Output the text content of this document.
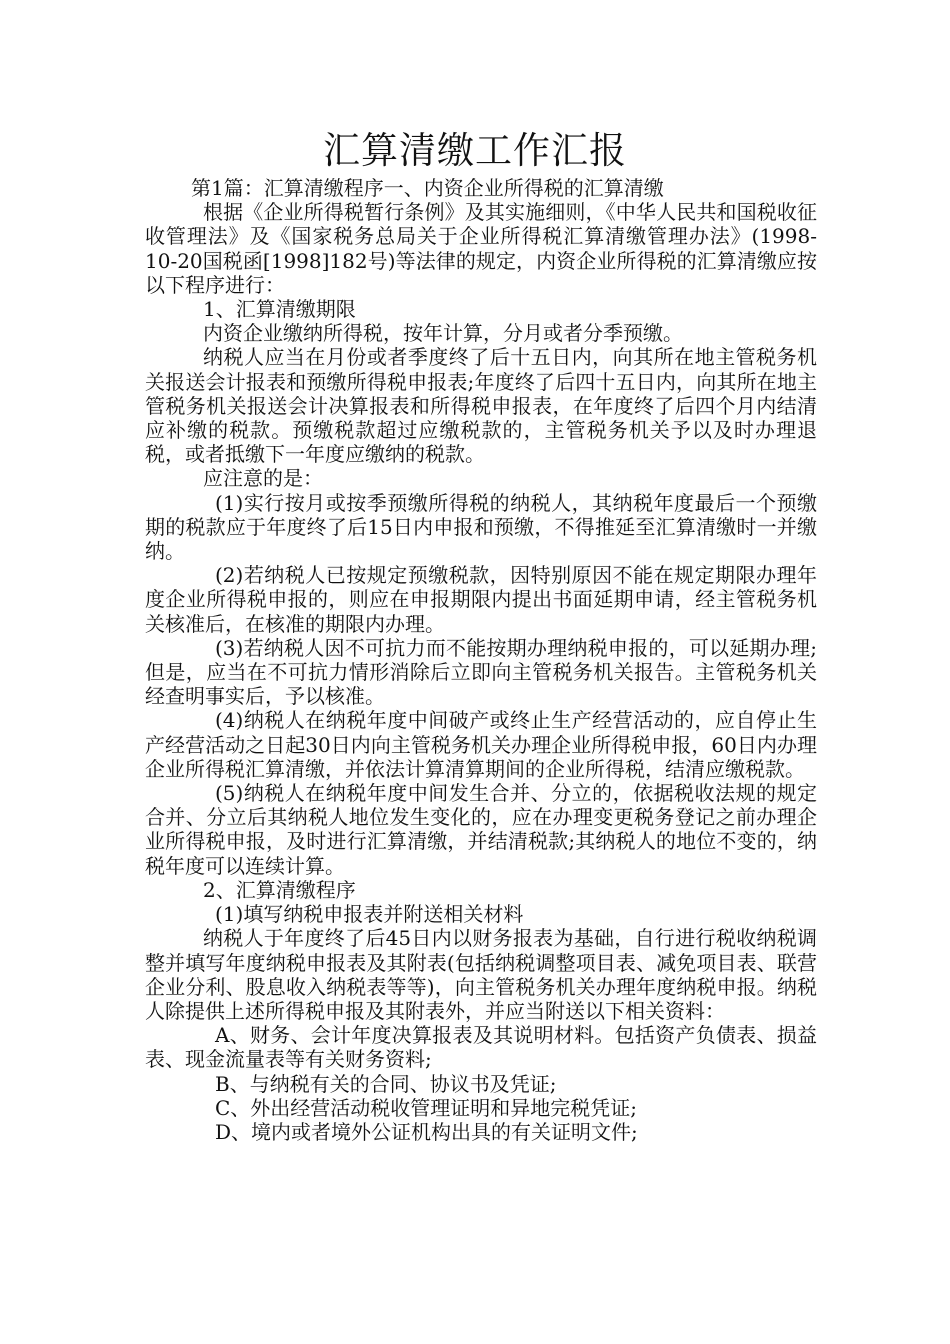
汇算清缴工作汇报

第1篇：汇算清缴程序一、内资企业所得税的汇算清缴

根据《企业所得税暂行条例》及其实施细则，《中华人民共和国税收征收管理法》及《国家税务总局关于企业所得税汇算清缴管理办法》(1998-10-20国税函[1998]182号)等法律的规定，内资企业所得税的汇算清缴应按以下程序进行：

1、汇算清缴期限

内资企业缴纳所得税，按年计算，分月或者分季预缴。

纳税人应当在月份或者季度终了后十五日内，向其所在地主管税务机关报送会计报表和预缴所得税申报表;年度终了后四十五日内，向其所在地主管税务机关报送会计决算报表和所得税申报表，在年度终了后四个月内结清应补缴的税款。预缴税款超过应缴税款的，主管税务机关予以及时办理退税，或者抵缴下一年度应缴纳的税款。

应注意的是：

(1)实行按月或按季预缴所得税的纳税人，其纳税年度最后一个预缴期的税款应于年度终了后15日内申报和预缴，不得推延至汇算清缴时一并缴纳。

(2)若纳税人已按规定预缴税款，因特别原因不能在规定期限办理年度企业所得税申报的，则应在申报期限内提出书面延期申请，经主管税务机关核准后，在核准的期限内办理。

(3)若纳税人因不可抗力而不能按期办理纳税申报的，可以延期办理;但是，应当在不可抗力情形消除后立即向主管税务机关报告。主管税务机关经查明事实后，予以核准。

(4)纳税人在纳税年度中间破产或终止生产经营活动的，应自停止生产经营活动之日起30日内向主管税务机关办理企业所得税申报，60日内办理企业所得税汇算清缴，并依法计算清算期间的企业所得税，结清应缴税款。

(5)纳税人在纳税年度中间发生合并、分立的，依据税收法规的规定合并、分立后其纳税人地位发生变化的，应在办理变更税务登记之前办理企业所得税申报，及时进行汇算清缴，并结清税款;其纳税人的地位不变的，纳税年度可以连续计算。

2、汇算清缴程序

(1)填写纳税申报表并附送相关材料

纳税人于年度终了后45日内以财务报表为基础，自行进行税收纳税调整并填写年度纳税申报表及其附表(包括纳税调整项目表、减免项目表、联营企业分利、股息收入纳税表等等)，向主管税务机关办理年度纳税申报。纳税人除提供上述所得税申报及其附表外，并应当附送以下相关资料：

A、财务、会计年度决算报表及其说明材料。包括资产负债表、损益表、现金流量表等有关财务资料;

B、与纳税有关的合同、协议书及凭证;

C、外出经营活动税收管理证明和异地完税凭证;

D、境内或者境外公证机构出具的有关证明文件;
